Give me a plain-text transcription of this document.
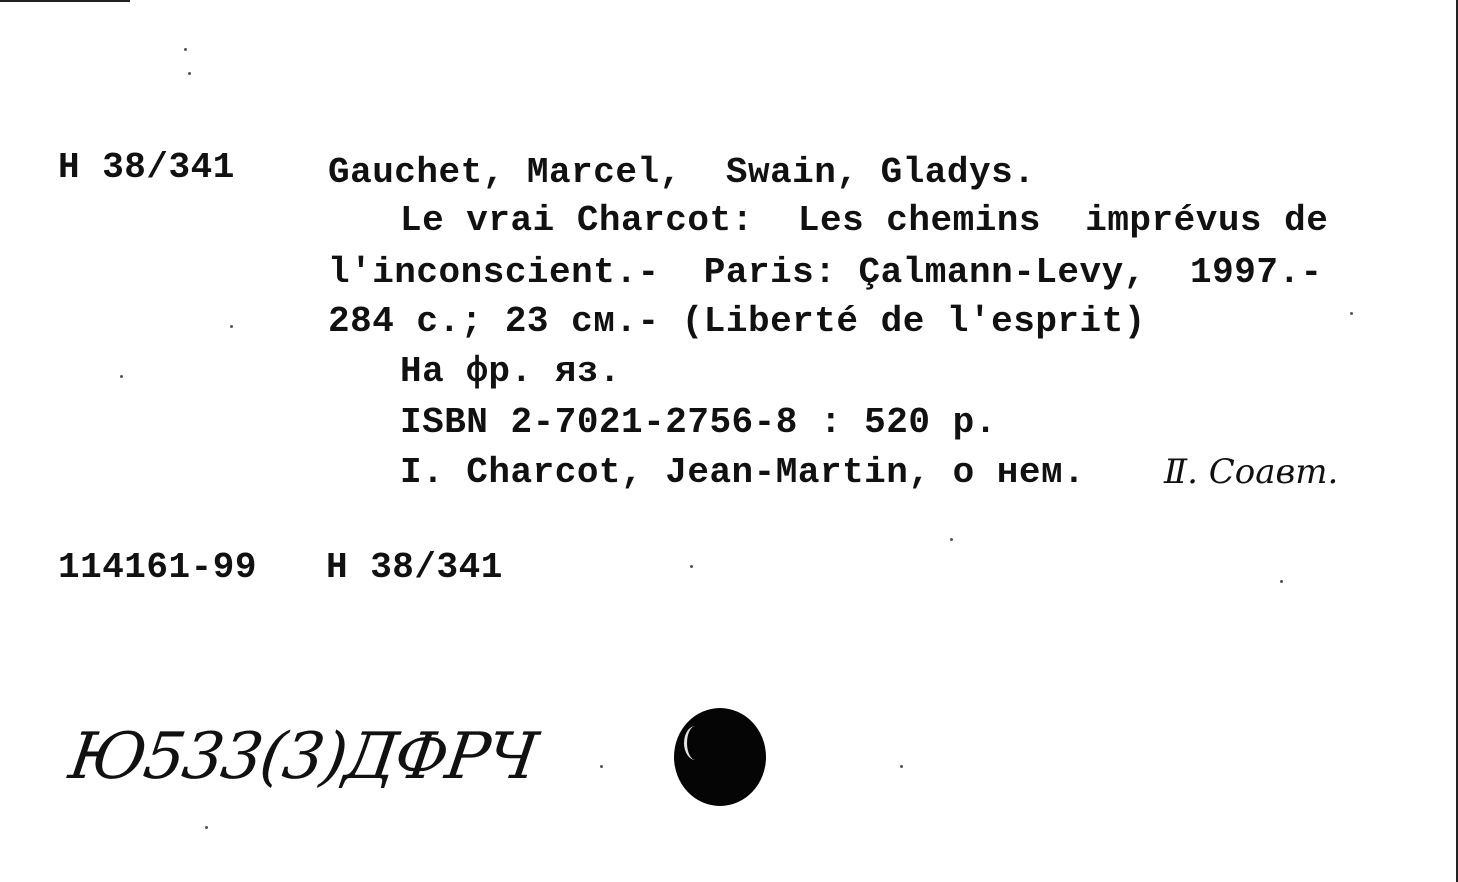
H 38/341	Gauchet, Marcel,  Swain, Gladys.
Le vrai Charcot:  Les chemins  imprévus de
l'inconscient.-  Paris: Çalmann-Levy,  1997.-
284 c.; 23 cм.- (Liberté de l'esprit)
Ha фp. яз.
ISBN 2-7021-2756-8 : 520 p.
I. Charcot, Jean-Martin, o нeм. Ⅱ. Соавт.
114161-99 H 38/341
Ю533(3)ДФРЧ
